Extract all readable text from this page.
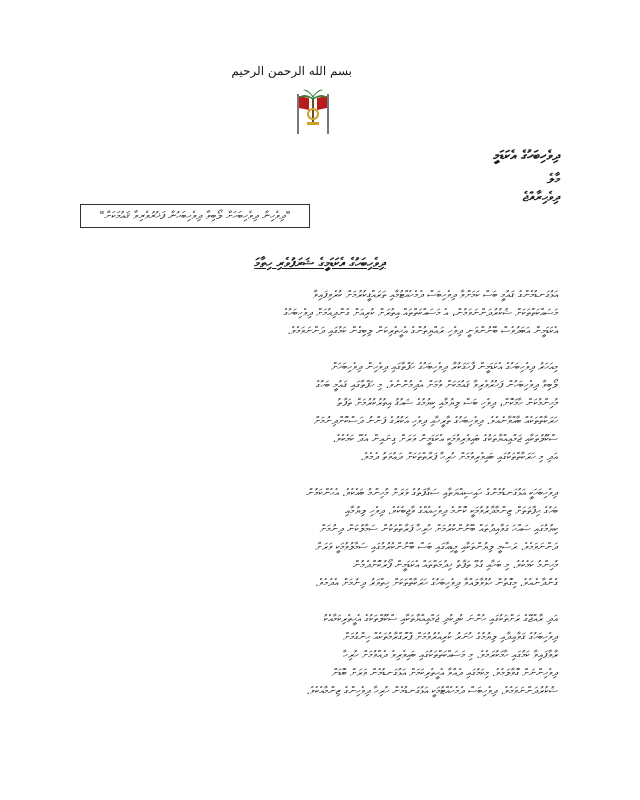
بسم الله الرحمن الرحيم
ދިވެހިބަހުގެ އެކަޑަމީ
މާލެ
ދިވެހިރާއްޖެ
"ދިވެހިން ދިވެހިބަހަށް ލޯބިވާ ދިވެހިބަހުން ފަޚުރުވެރިވާ ޤައުމަކަށް"
ދިވެހިބަހުގެ އެކަޑަމީގެ ޝަރަފުވެރި ހިތާމަ

އަޅުގަނޑުމެންގެ ޤައުމީ ބަސް ކަމަށްވާ ދިވެހިބަސް ދެމެހެއްޓުމާއި ތަރައްޤީކުރުމަށް ކުރެވިފައިވާ

މަސައްކަތްތަކަށް ޝުކުރުދަންނަވަމުން، އެ މަސައްކަތްތައް އިތުރަށް ކުރިއަށް ގެންދިއުމަށް ދިވެހިބަހުގެ

އެކަޑަމީން އަބަދުވެސް ބޭނުންވަނީ ދިވެހި ރައްޔިތުންގެ އެހީތެރިކަން ލިބިގެން ކަމުގައި ދަންނަވަމެވެ.

މިއަހަރު ދިވެހިބަހުގެ އެކަޑަމީން ފާހަގަކުރާ ދިވެހިބަހުގެ ހަފްތާގައި ދިވެހިން ދިވެހިބަހަށް

ލޯބިވާ ދިވެހިބަހުން ފަޚުރުވެރިވާ ޤައުމަކަށް ވުމަށް އެދިމުންނެވެ. މި ހަފްތާގައި ޤައުމީ ބަހުގެ

މުހިންމުކަން ހާމަކޮށް، ދިވެހި ބަސް ލިޔުމާއި ކިޔުމުގެ ޝައުޤު އިތުރުކުރުމަށް ތަފާތު

ހަރަކާތްތަކެއް ބާއްވާނެއެވެ. ދިވެހިބަހުގެ ތާރީޚާއި ދިވެހި އަކުރުގެ ފަންނު ދަސްކޮށްދިނުމަށް

ސްކޫލުތަކާއި ޖަމްޢިއްޔާތަކުގެ ބައިވެރިވުމަކީ އެކަޑަމީން ވަރަށް ގިނައިން އެދޭ ކަމެކެވެ.

އަދި މި ހަރަކާތްތަކުގައި ބައިވެރިވުމަށް ހުރިހާ ފަރާތްތަކަށް ދަޢުވަތު ދެމެވެ.

ދިވެހިބަހަކީ އަޅުގަނޑުމެންގެ ހައިސިއްޔަތާއި ސަގާފަތުގެ ވަރަށް މުހިންމު ބައެކެވެ. އެހެންކަމުން

ބަހުގެ ޙިފާޡަތަށް ޒިންމާދާރުވުމަކީ ކޮންމެ ދިވެހިއެއްގެ ވާޖިބެކެވެ. ދިވެހި ލިޔުމާއި

ކިޔުމުގައި ޞައްޙަ ގަވާއިދުތައް ބޭނުންކުރުމަށް ހުރިހާ ފަރާތްތަކުން ސަމާލުކަން ދިނުމަށް

ދަންނަވަމެވެ. ރަސްމީ ލިޔުންތަކާއި މީޑިއާގައި ބަސް ބޭނުންކުރުމުގައި ސަމާލުވުމަކީ ވަރަށް

މުހިންމު ކަމެކެވެ. މި ބަހާއި ގުޅޭ ތަފާތު ޚިދުމަތްތައް އެކަޑަމީން ފޯރުކޮށްދެމުން

ގެންދާނެއެވެ. މިގޮތުން ހުޅުވާލައްވާ ދިވެހިބަހުގެ ހަރަކާތްތަކަށް ހިތްވަރު ދިނުމަށް އެދެމެވެ.

އަދި ރާއްޖޭގެ ރަށްތަކުގައި ހުންނަ ކުދިކުދި ޖަމްޢިއްޔާތަކާއި ސްކޫލްތަކުގެ އެހީތެރިކަމާއެކު

ދިވެހިބަހުގެ ޤަވާޢިދާއި ލިޔުމުގެ ހުނަރު ކުރިއެރުވުމަށް ޕްރޮގްރާމުތަކެއް ހިންގުމަށް

ރާވާފައިވާ ކަމުގައި ހާމަކުރަމެވެ. މި މަސައްކަތްތަކުގައި ބައިވެރިވެ ދެއްވުމަށް ހުރިހާ

ދިވެހިންނަށް ގޮވާލަމެވެ. މިކަމުގައި ދެއްވާ އެހީތެރިކަމަށް އަޅުގަނޑުމެން ވަރަށް ބޮޑަށް

ޝުކުރުދަންނަވަމެވެ. ދިވެހިބަސް ދެމެހެއްޓުމަކީ އަޅުގަނޑުމެން ހުރިހާ ދިވެހިންގެ ޒިންމާއެކެވެ.
